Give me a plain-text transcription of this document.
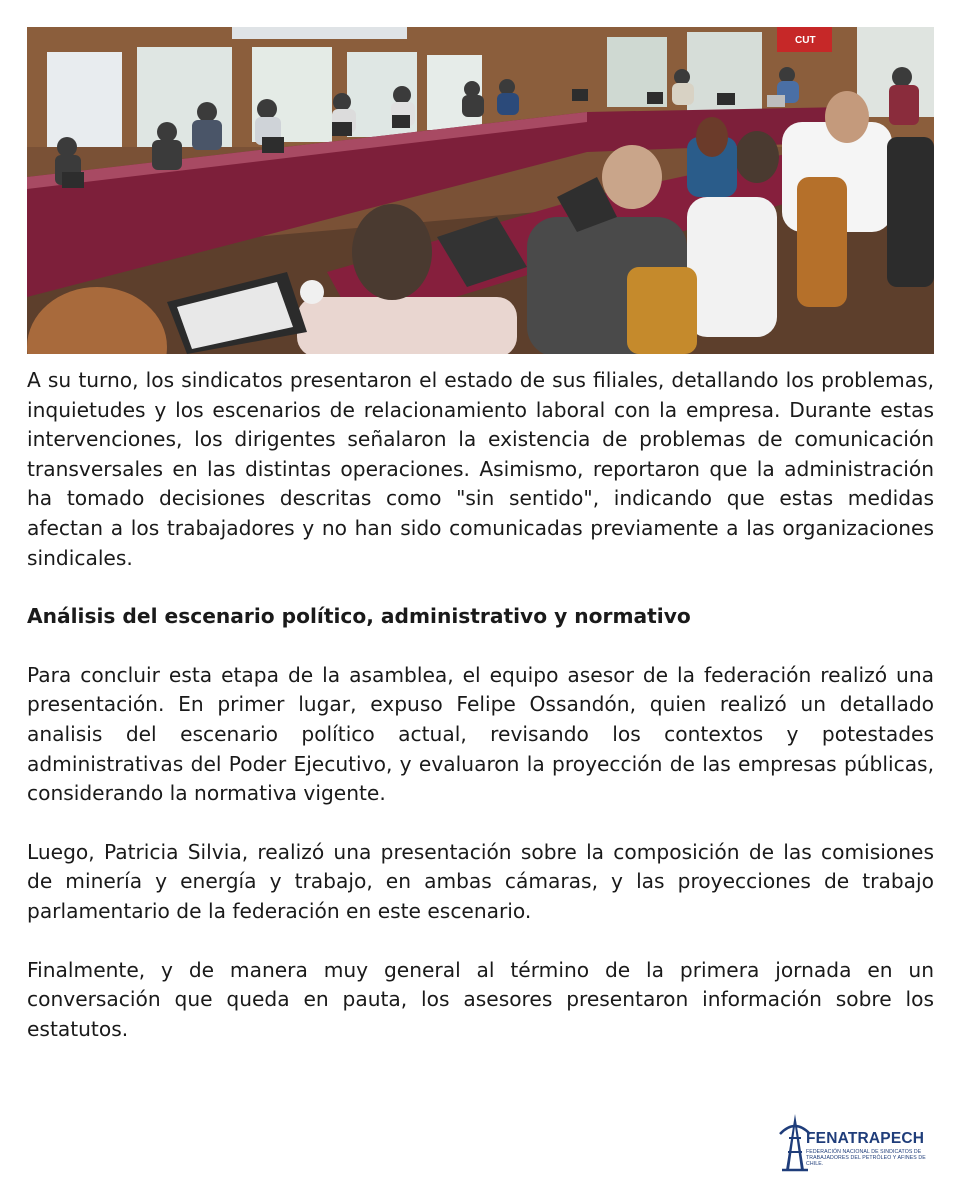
CUT

A su turno, los sindicatos presentaron el estado de sus filiales, detallando los problemas, inquietudes y los escenarios de relacionamiento laboral con la empresa. Durante estas intervenciones, los dirigentes señalaron la existencia de problemas de comunicación transversales en las distintas operaciones. Asimismo, reportaron que la administración ha tomado decisiones descritas como "sin sentido", indicando que estas medidas afectan a los trabajadores y no han sido comunicadas previamente a las organizaciones sindicales.

Análisis del escenario político, administrativo y normativo

Para concluir esta etapa de la asamblea, el equipo asesor de la federación realizó una presentación. En primer lugar, expuso Felipe Ossandón, quien realizó un detallado analisis del escenario político actual, revisando los contextos y potestades administrativas del Poder Ejecutivo, y evaluaron la proyección de las empresas públicas, considerando la normativa vigente.

Luego, Patricia Silvia, realizó una presentación sobre la composición de las comisiones de minería y energía y trabajo, en ambas cámaras, y las proyecciones de trabajo parlamentario de la federación en este escenario.

Finalmente, y de manera muy general al término de la primera jornada en un conversación que queda en pauta, los asesores presentaron información sobre los estatutos.

FENATRAPECH
FEDERACIÓN NACIONAL DE SINDICATOS DE TRABAJADORES DEL PETRÓLEO Y AFINES DE CHILE.
